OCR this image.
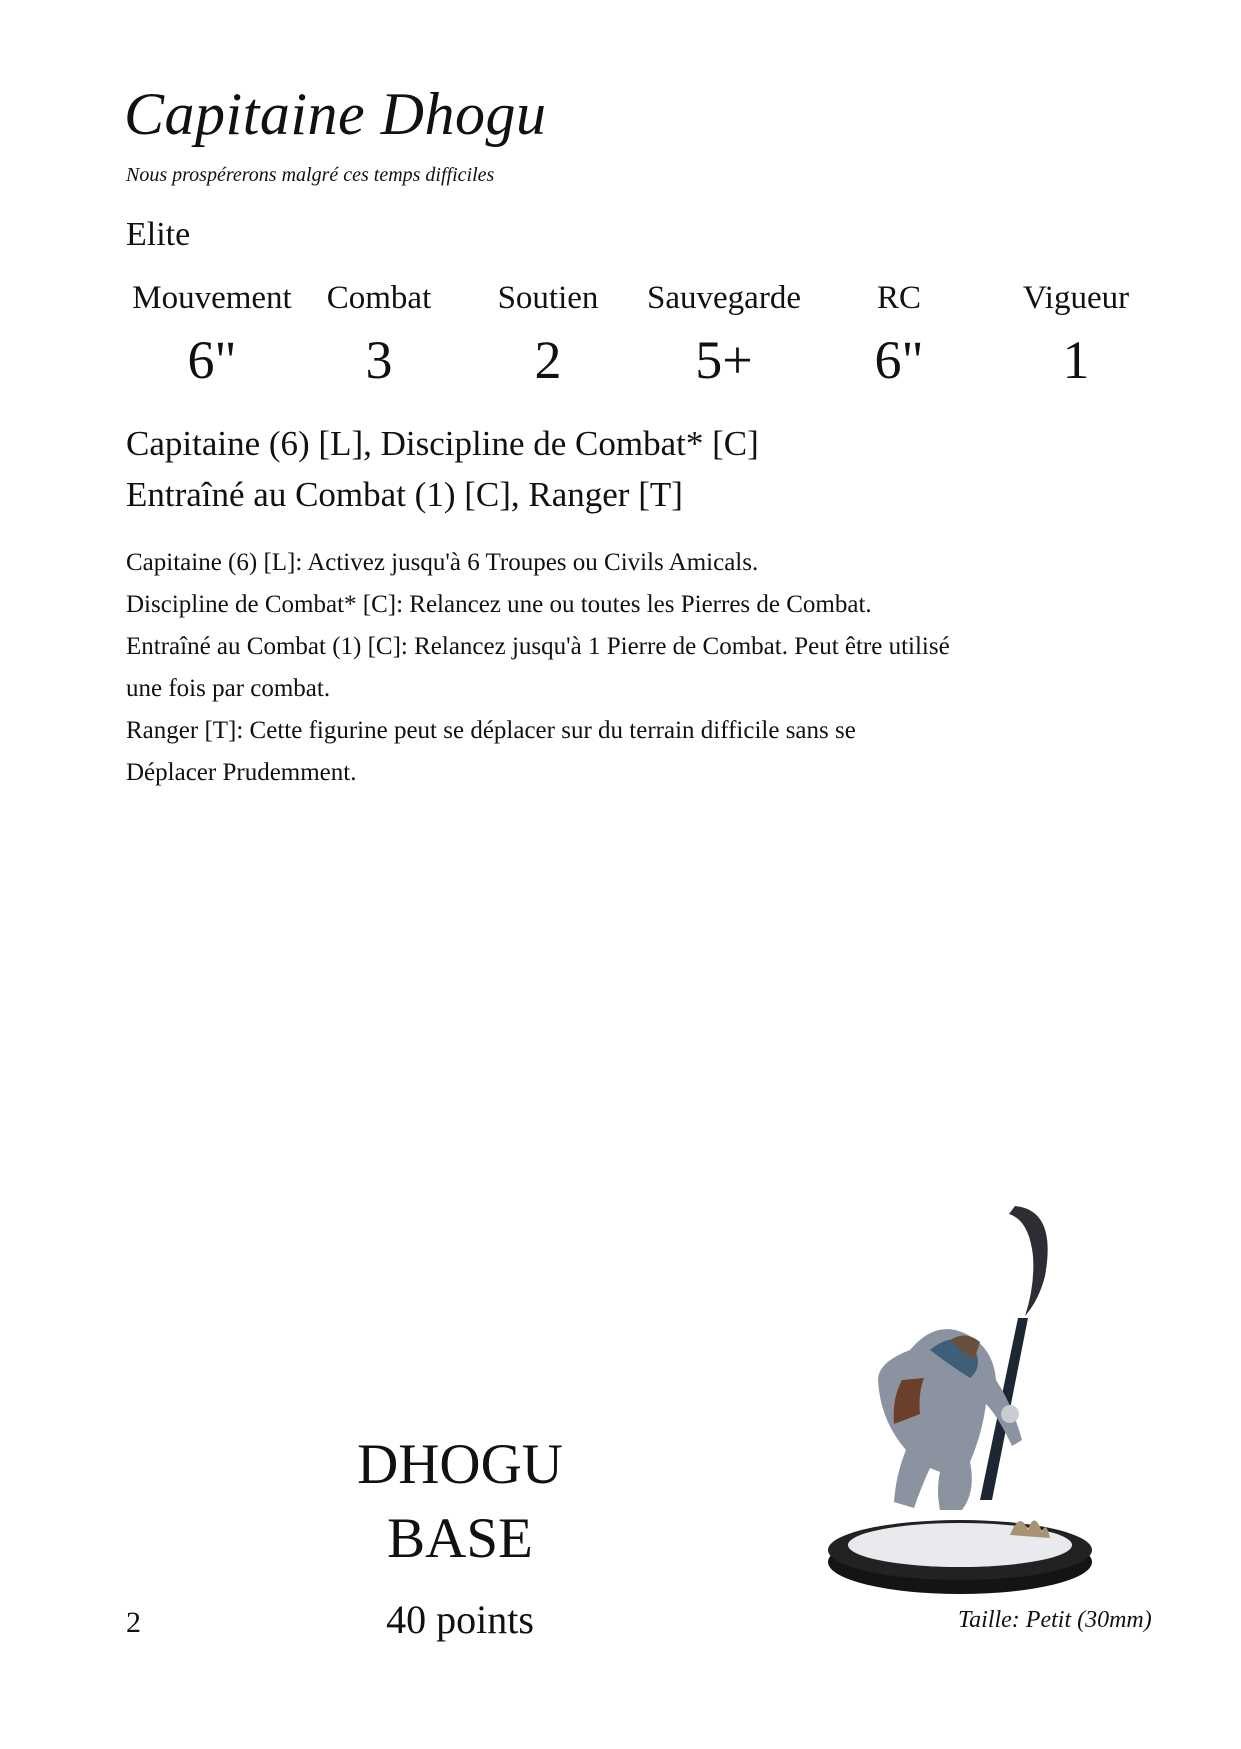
Capitaine Dhogu
Nous prospérerons malgré ces temps difficiles
Elite
Mouvement
6"
Combat
3
Soutien
2
Sauvegarde
5+
RC
6"
Vigueur
1
Capitaine (6) [L], Discipline de Combat* [C]
Entraîné au Combat (1) [C], Ranger [T]
Capitaine (6) [L]: Activez jusqu'à 6 Troupes ou Civils Amicals.
Discipline de Combat* [C]: Relancez une ou toutes les Pierres de Combat.
Entraîné au Combat (1) [C]: Relancez jusqu'à 1 Pierre de Combat. Peut être utilisé
une fois par combat.
Ranger [T]: Cette figurine peut se déplacer sur du terrain difficile sans se
Déplacer Prudemment.
DHOGU
BASE
40 points
2	Taille: Petit (30mm)
